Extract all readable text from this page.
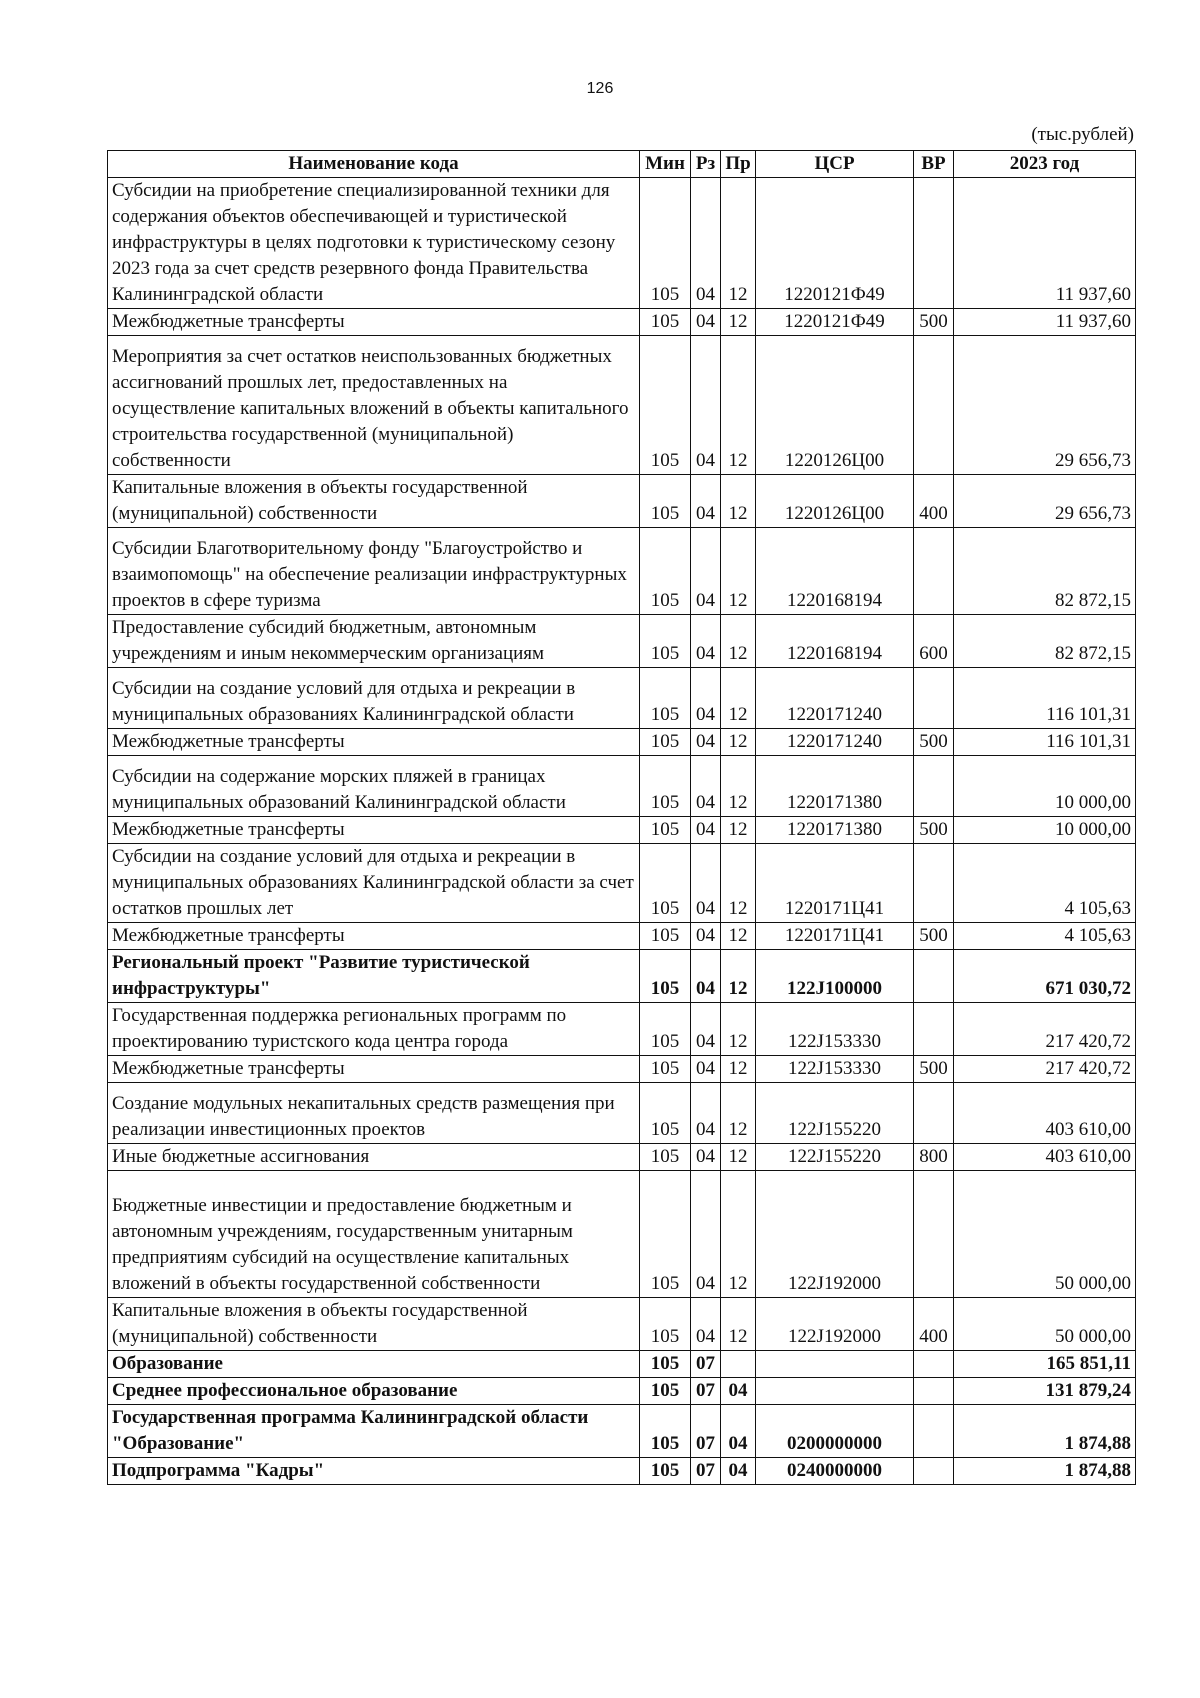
126
(тыс.рублей)
Наименование кода	Мин	Рз	Пр	ЦСР	ВР	2023 год
Субсидии на приобретение специализированной техники для содержания объектов обеспечивающей и туристической инфраструктуры в целях подготовки к туристическому сезону 2023 года за счет средств резервного фонда Правительства Калининградской области	105	04	12	1220121Ф49		11 937,60
Межбюджетные трансферты	105	04	12	1220121Ф49	500	11 937,60
Мероприятия за счет остатков неиспользованных бюджетных ассигнований прошлых лет, предоставленных на осуществление капитальных вложений в объекты капитального строительства государственной (муниципальной) собственности	105	04	12	1220126Ц00		29 656,73
Капитальные вложения в объекты государственной (муниципальной) собственности	105	04	12	1220126Ц00	400	29 656,73
Субсидии Благотворительному фонду "Благоустройство и взаимопомощь" на обеспечение реализации инфраструктурных проектов в сфере туризма	105	04	12	1220168194		82 872,15
Предоставление субсидий бюджетным, автономным учреждениям и иным некоммерческим организациям	105	04	12	1220168194	600	82 872,15
Субсидии на создание условий для отдыха и рекреации в муниципальных образованиях Калининградской области	105	04	12	1220171240		116 101,31
Межбюджетные трансферты	105	04	12	1220171240	500	116 101,31
Субсидии на содержание морских пляжей в границах муниципальных образований Калининградской области	105	04	12	1220171380		10 000,00
Межбюджетные трансферты	105	04	12	1220171380	500	10 000,00
Субсидии на создание условий для отдыха и рекреации в муниципальных образованиях Калининградской области за счет остатков прошлых лет	105	04	12	1220171Ц41		4 105,63
Межбюджетные трансферты	105	04	12	1220171Ц41	500	4 105,63
Региональный проект "Развитие туристической инфраструктуры"	105	04	12	122J100000		671 030,72
Государственная поддержка региональных программ по проектированию туристского кода центра города	105	04	12	122J153330		217 420,72
Межбюджетные трансферты	105	04	12	122J153330	500	217 420,72
Создание модульных некапитальных средств размещения при реализации инвестиционных проектов	105	04	12	122J155220		403 610,00
Иные бюджетные ассигнования	105	04	12	122J155220	800	403 610,00
Бюджетные инвестиции и предоставление бюджетным и автономным учреждениям, государственным унитарным предприятиям субсидий на осуществление капитальных вложений в объекты государственной собственности	105	04	12	122J192000		50 000,00
Капитальные вложения в объекты государственной (муниципальной) собственности	105	04	12	122J192000	400	50 000,00
Образование	105	07				165 851,11
Среднее профессиональное образование	105	07	04			131 879,24
Государственная программа Калининградской области "Образование"	105	07	04	0200000000		1 874,88
Подпрограмма "Кадры"	105	07	04	0240000000		1 874,88
